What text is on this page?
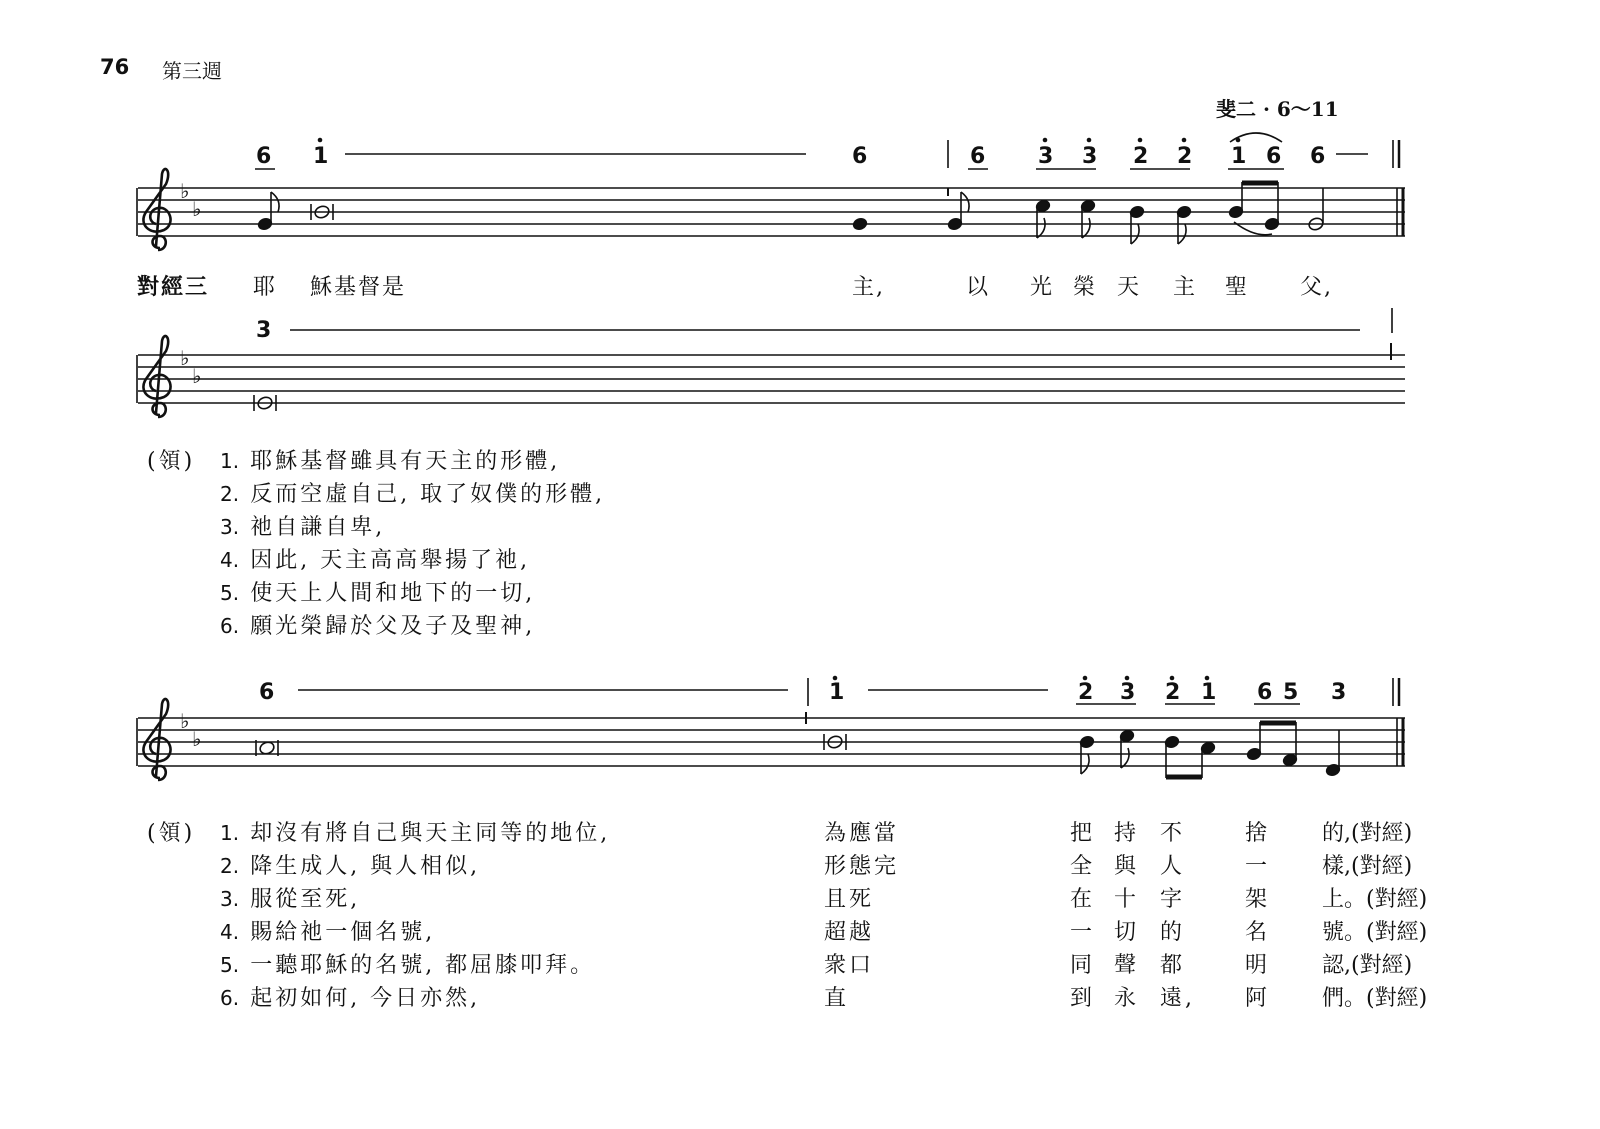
76 第三週
斐二 · 6～11
♭
♭
♭
♭
♭
♭
6 1	6	6 3 3 2 2 1 6 6
對經三 耶 穌基督是	主,	以 光 榮 天 主 聖 父,
3
(領) 1. 耶穌基督雖具有天主的形體,
2. 反而空虛自己, 取了奴僕的形體,
3. 祂自謙自卑,
4. 因此, 天主高高舉揚了祂,
5. 使天上人間和地下的一切,
6. 願光榮歸於父及子及聖神,
6	1	2 3 2 1 6 5 3
(領) 1. 却沒有將自己與天主同等的地位,	為應當	把 持 不	捨 的,(對經)
2. 降生成人, 與人相似,	形態完	全 與 人	一 樣,(對經)
3. 服從至死,	且死	在 十 字	架 上。(對經)
4. 賜給祂一個名號,	超越	一 切 的	名 號。(對經)
5. 一聽耶穌的名號, 都屈膝叩拜。	衆口	同 聲 都	明 認,(對經)
6. 起初如何, 今日亦然,	直	到 永 遠, 阿 們。(對經)
